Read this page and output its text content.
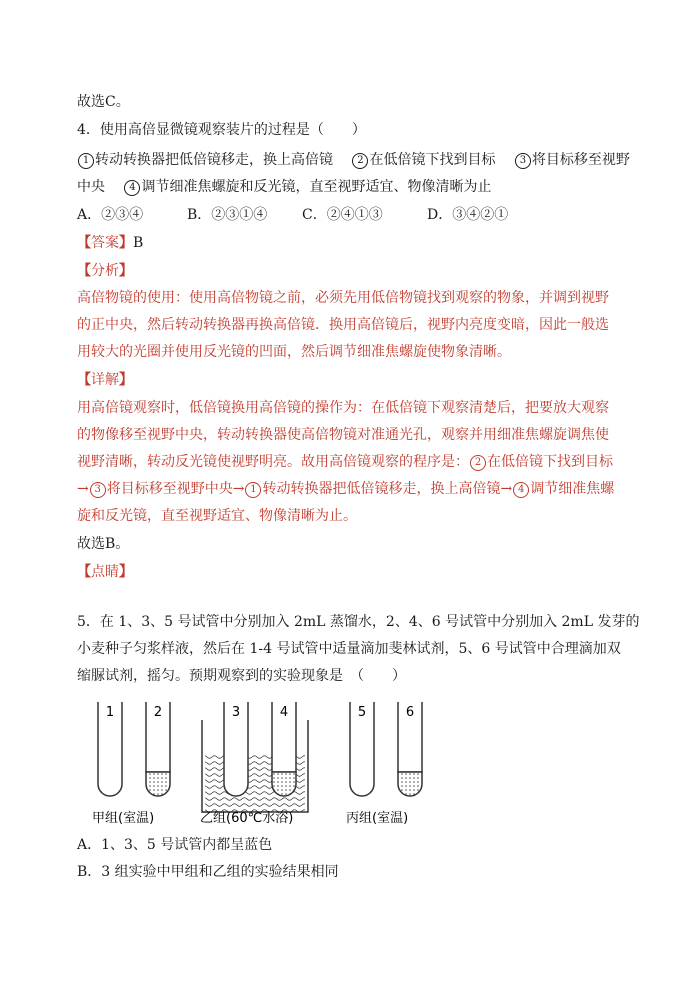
故选C。
4．使用高倍显微镜观察装片的过程是（　　）
1 转动转换器把低倍镜移走，换上高倍镜　 2 在低倍镜下找到目标　 3 将目标移至视野
中央　 4 调节细准焦螺旋和反光镜，直至视野适宜、物像清晰为止
A．②③④	B．②③①④ C．②④①③	D．③④②①
【答案】B
【分析】
高倍物镜的使用：使用高倍物镜之前，必须先用低倍物镜找到观察的物象，并调到视野
的正中央，然后转动转换器再换高倍镜．换用高倍镜后，视野内亮度变暗，因此一般选
用较大的光圈并使用反光镜的凹面，然后调节细准焦螺旋使物象清晰。
【详解】
用高倍镜观察时，低倍镜换用高倍镜的操作为：在低倍镜下观察清楚后，把要放大观察
的物像移至视野中央，转动转换器使高倍物镜对准通光孔，观察并用细准焦螺旋调焦使
视野清晰，转动反光镜使视野明亮。故用高倍镜观察的程序是： 2 在低倍镜下找到目标
→ 3 将目标移至视野中央→ 1 转动转换器把低倍镜移走，换上高倍镜→ 4 调节细准焦螺
旋和反光镜，直至视野适宜、物像清晰为止。
故选B。
【点睛】
5．在 1、3、5 号试管中分别加入 2mL 蒸馏水，2、4、6 号试管中分别加入 2mL 发芽的
小麦种子匀浆样液，然后在 1-4 号试管中适量滴加斐林试剂，5、6 号试管中合理滴加双
缩脲试剂，摇匀。预期观察到的实验现象是　（　　）
1	2	3	4	5	6
甲组(室温)	乙组(60℃水浴)	丙组(室温)
A．1、3、5 号试管内都呈蓝色
B．3 组实验中甲组和乙组的实验结果相同
